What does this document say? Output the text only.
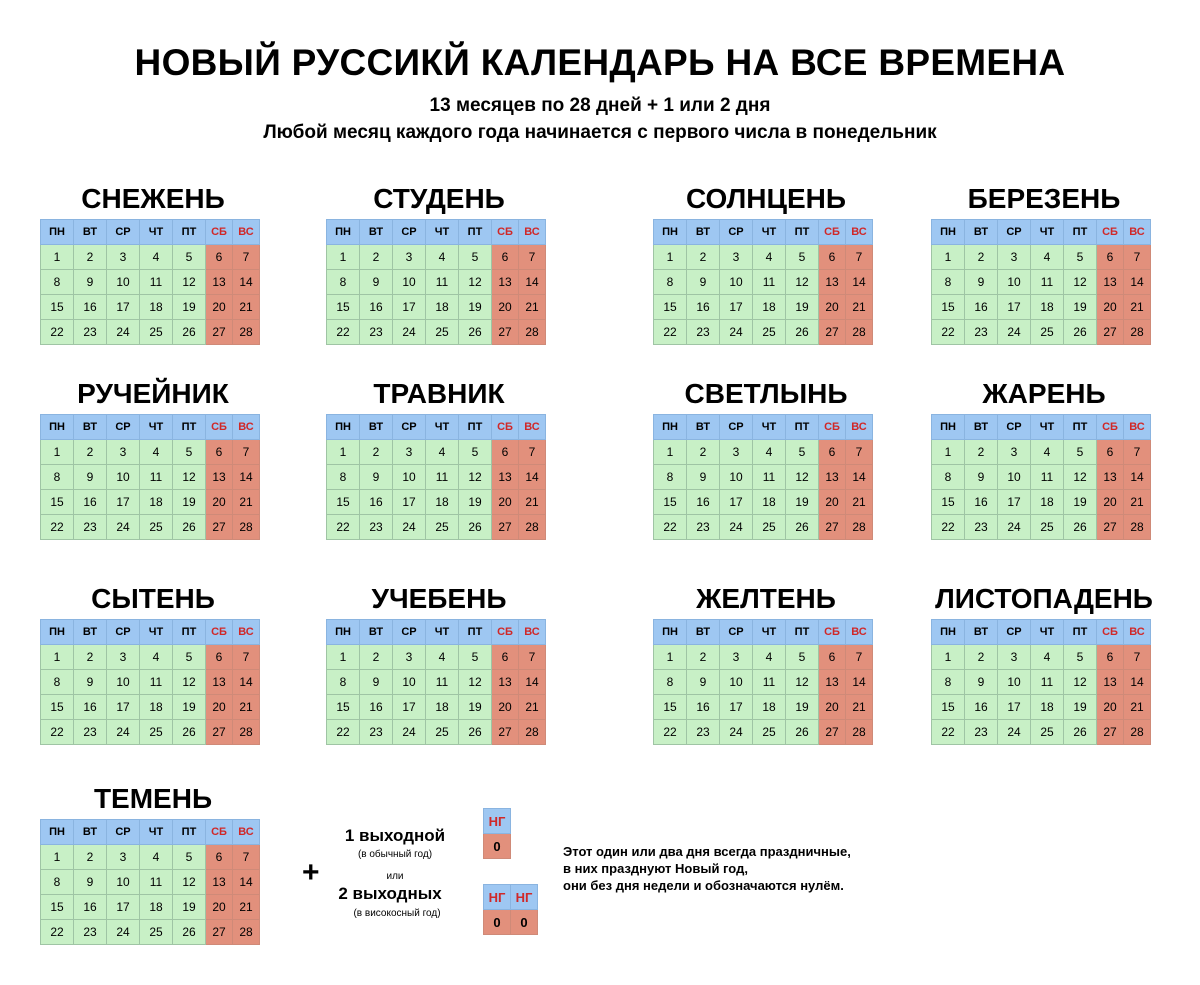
НОВЫЙ РУССИКЙ КАЛЕНДАРЬ НА ВСЕ ВРЕМЕНА
13 месяцев по 28 дней + 1 или 2 дня
Любой месяц каждого года начинается с первого числа в понедельник
СНЕЖЕНЬ
ПН	ВТ	СР	ЧТ	ПТ	СБ	ВС
1	2	3	4	5	6	7
8	9	10	11	12	13	14
15	16	17	18	19	20	21
22	23	24	25	26	27	28
СТУДЕНЬ
ПН	ВТ	СР	ЧТ	ПТ	СБ	ВС
1	2	3	4	5	6	7
8	9	10	11	12	13	14
15	16	17	18	19	20	21
22	23	24	25	26	27	28
СОЛНЦЕНЬ
ПН	ВТ	СР	ЧТ	ПТ	СБ	ВС
1	2	3	4	5	6	7
8	9	10	11	12	13	14
15	16	17	18	19	20	21
22	23	24	25	26	27	28
БЕРЕЗЕНЬ
ПН	ВТ	СР	ЧТ	ПТ	СБ	ВС
1	2	3	4	5	6	7
8	9	10	11	12	13	14
15	16	17	18	19	20	21
22	23	24	25	26	27	28
РУЧЕЙНИК
ПН	ВТ	СР	ЧТ	ПТ	СБ	ВС
1	2	3	4	5	6	7
8	9	10	11	12	13	14
15	16	17	18	19	20	21
22	23	24	25	26	27	28
ТРАВНИК
ПН	ВТ	СР	ЧТ	ПТ	СБ	ВС
1	2	3	4	5	6	7
8	9	10	11	12	13	14
15	16	17	18	19	20	21
22	23	24	25	26	27	28
СВЕТЛЫНЬ
ПН	ВТ	СР	ЧТ	ПТ	СБ	ВС
1	2	3	4	5	6	7
8	9	10	11	12	13	14
15	16	17	18	19	20	21
22	23	24	25	26	27	28
ЖАРЕНЬ
ПН	ВТ	СР	ЧТ	ПТ	СБ	ВС
1	2	3	4	5	6	7
8	9	10	11	12	13	14
15	16	17	18	19	20	21
22	23	24	25	26	27	28
СЫТЕНЬ
ПН	ВТ	СР	ЧТ	ПТ	СБ	ВС
1	2	3	4	5	6	7
8	9	10	11	12	13	14
15	16	17	18	19	20	21
22	23	24	25	26	27	28
УЧЕБЕНЬ
ПН	ВТ	СР	ЧТ	ПТ	СБ	ВС
1	2	3	4	5	6	7
8	9	10	11	12	13	14
15	16	17	18	19	20	21
22	23	24	25	26	27	28
ЖЕЛТЕНЬ
ПН	ВТ	СР	ЧТ	ПТ	СБ	ВС
1	2	3	4	5	6	7
8	9	10	11	12	13	14
15	16	17	18	19	20	21
22	23	24	25	26	27	28
ЛИСТОПАДЕНЬ
ПН	ВТ	СР	ЧТ	ПТ	СБ	ВС
1	2	3	4	5	6	7
8	9	10	11	12	13	14
15	16	17	18	19	20	21
22	23	24	25	26	27	28
ТЕМЕНЬ
ПН	ВТ	СР	ЧТ	ПТ	СБ	ВС
1	2	3	4	5	6	7
8	9	10	11	12	13	14
15	16	17	18	19	20	21
22	23	24	25	26	27	28
+
1 выходной
(в обычный год)
или
2 выходных
(в високосный год)
НГ
0
НГ	НГ
0	0
Этот один или два дня всегда праздничные,
в них празднуют Новый год,
они без дня недели и обозначаются нулём.
